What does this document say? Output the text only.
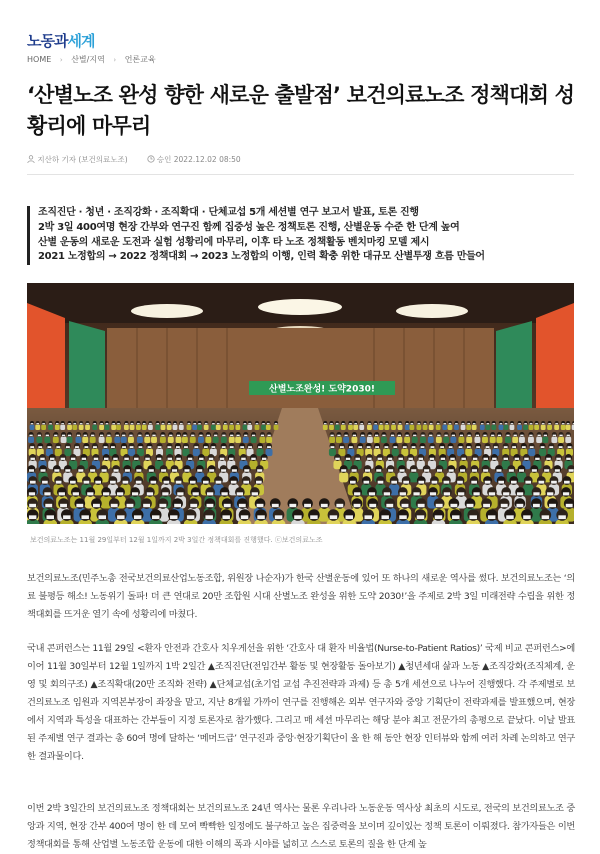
노동과세계
HOME › 산별/지역 › 언론교육
‘산별노조 완성 향한 새로운 출발점’ 보건의료노조 정책대회 성황리에 마무리
지산하 기자 (보건의료노조)	승인 2022.12.02 08:50
조직진단 · 청년 · 조직강화 · 조직확대 · 단체교섭 5개 세션별 연구 보고서 발표, 토론 진행
2박 3일 400여명 현장 간부와 연구진 함께 집중성 높은 정책토론 진행, 산별운동 수준 한 단계 높여
산별 운동의 새로운 도전과 실험 성황리에 마무리, 이후 타 노조 정책활동 벤치마킹 모델 제시
2021 노정합의 → 2022 정책대회 → 2023 노정합의 이행, 인력 확충 위한 대규모 산별투쟁 흐름 만들어
산별노조완성! 도약2030!
보건의료노조는 11월 29일부터 12월 1일까지 2박 3일간 정책대회를 진행했다. ⓒ보건의료노조

보건의료노조(민주노총 전국보건의료산업노동조합, 위원장 나순자)가 한국 산별운동에 있어 또 하나의 새로운 역사를 썼다. 보건의료노조는 ‘의료 불평등 해소! 노동위기 돌파! 더 큰 연대로 20만 조합원 시대 산별노조 완성을 위한 도약 2030!’을 주제로 2박 3일 미래전략 수립을 위한 정책대회를 뜨거운 열기 속에 성황리에 마쳤다.

국내 콘퍼런스는 11월 29일 <환자 안전과 간호사 치우게선을 위한 ‘간호사 대 환자 비율법(Nurse-to-Patient Ratios)’ 국제 비교 콘퍼런스>에 이어 11월 30일부터 12월 1일까지 1박 2일간 ▲조직진단(전임간부 활동 및 현장활동 돌아보기) ▲청년세대 삶과 노동 ▲조직강화(조직체계, 운영 및 회의구조) ▲조직확대(20만 조직화 전략) ▲단체교섭(초기업 교섭 추진전략과 과제) 등 총 5개 세션으로 나누어 진행했다. 각 주제별로 보건의료노조 임원과 지역본부장이 좌장을 맡고, 지난 8개월 가까이 연구를 진행해온 외부 연구자와 중앙 기획단이 전략과제를 발표했으며, 현장에서 지역과 특성을 대표하는 간부들이 지정 토론자로 참가했다. 그리고 매 세션 마무리는 해당 분야 최고 전문가의 총평으로 끝났다. 이날 발표된 주제별 연구 결과는 총 60여 명에 달하는 ‘메머드급’ 연구진과 중앙·현장기획단이 올 한 해 동안 현장 인터뷰와 함께 여러 차례 논의하고 연구한 결과물이다.

이번 2박 3일간의 보건의료노조 정책대회는 보건의료노조 24년 역사는 물론 우리나라 노동운동 역사상 최초의 시도로, 전국의 보건의료노조 중앙과 지역, 현장 간부 400여 명이 한 데 모여 빡빡한 일정에도 불구하고 높은 집중력을 보이며 깊이있는 정책 토론이 이뤄졌다. 참가자들은 이번 정책대회를 통해 산업별 노동조합 운동에 대한 이해의 폭과 시야를 넓히고 스스로 토론의 질을 한 단계 높
